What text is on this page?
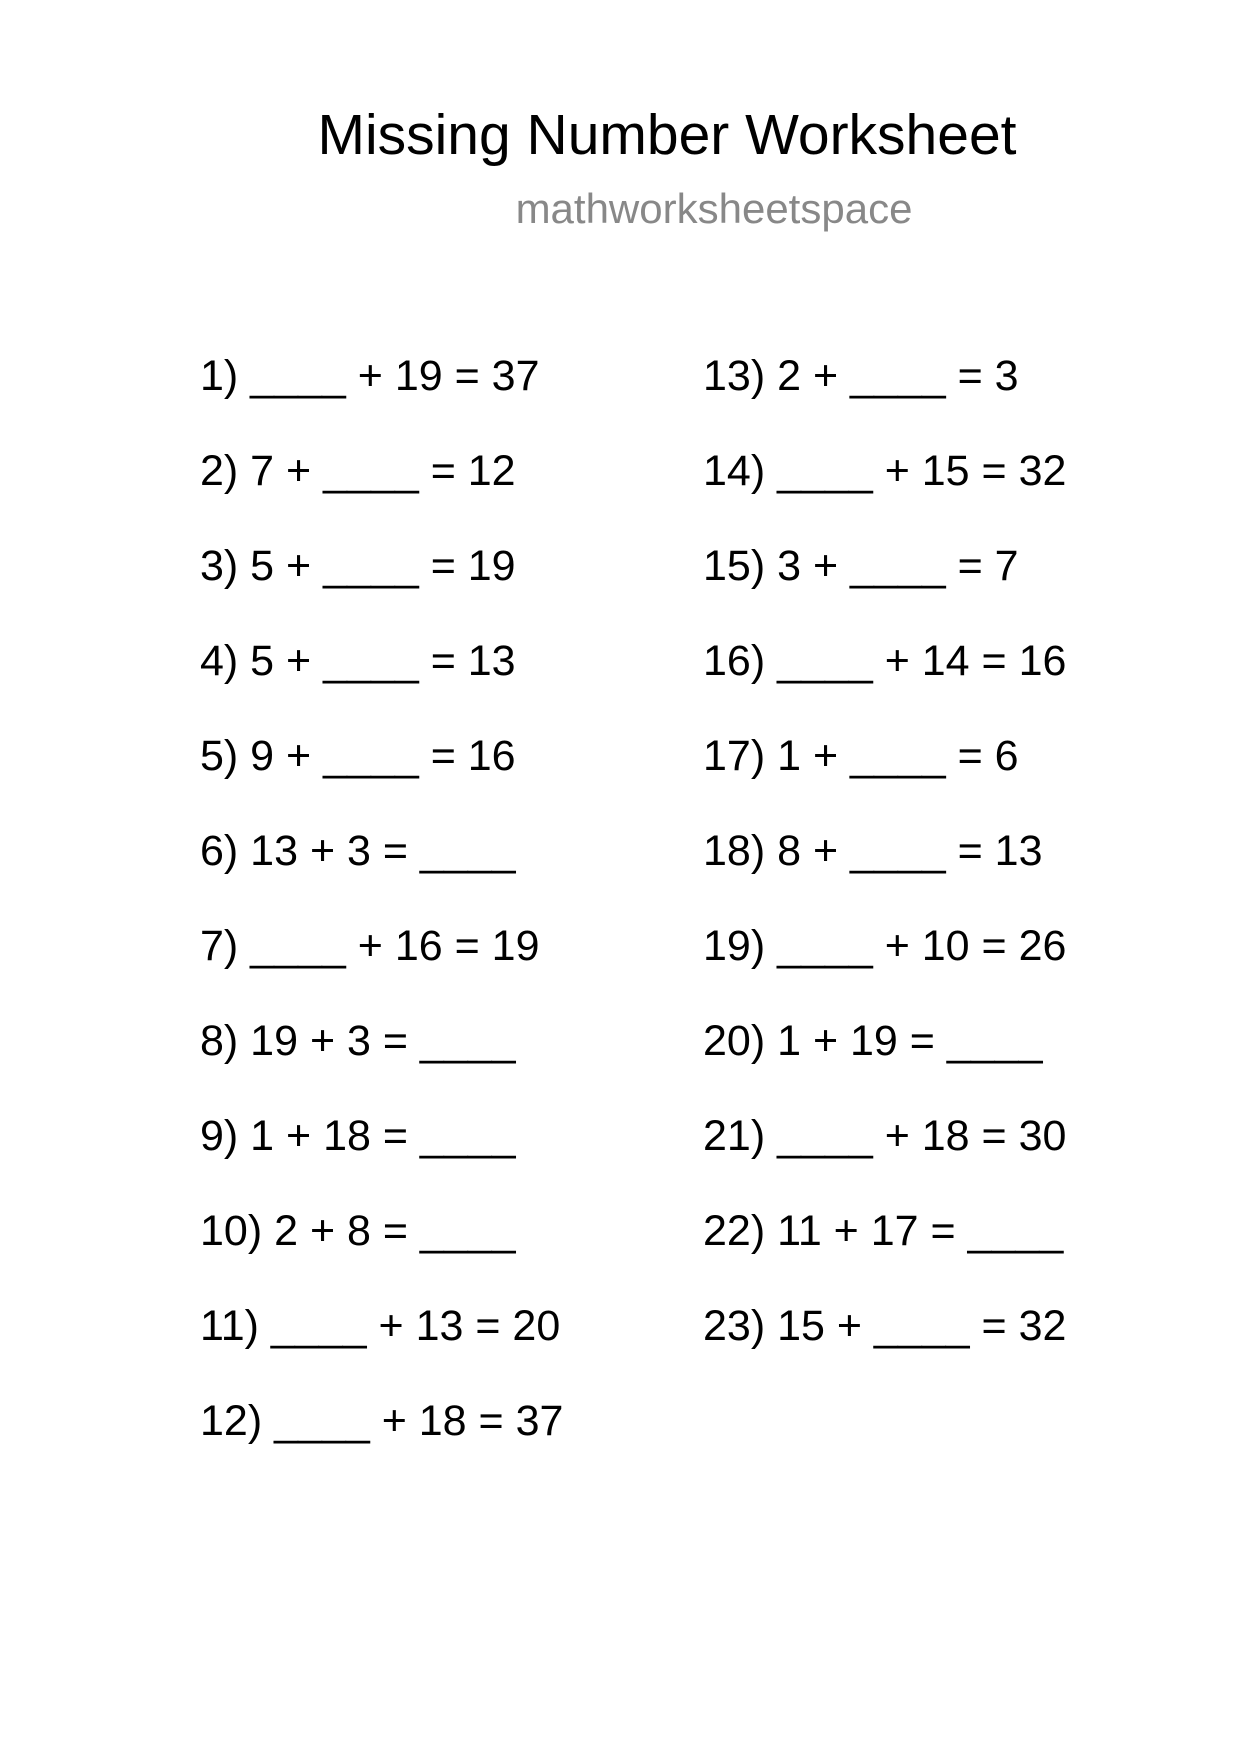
Missing Number Worksheet
mathworksheetspace
1) ____ + 19 = 37
2) 7 + ____ = 12
3) 5 + ____ = 19
4) 5 + ____ = 13
5) 9 + ____ = 16
6) 13 + 3 = ____
7) ____ + 16 = 19
8) 19 + 3 = ____
9) 1 + 18 = ____
10) 2 + 8 = ____
11) ____ + 13 = 20
12) ____ + 18 = 37
13) 2 + ____ = 3
14) ____ + 15 = 32
15) 3 + ____ = 7
16) ____ + 14 = 16
17) 1 + ____ = 6
18) 8 + ____ = 13
19) ____ + 10 = 26
20) 1 + 19 = ____
21) ____ + 18 = 30
22) 11 + 17 = ____
23) 15 + ____ = 32
